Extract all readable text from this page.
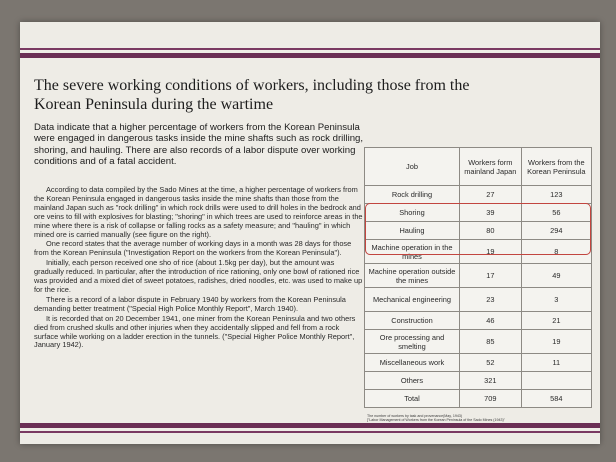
The severe working conditions of workers, including those from the Korean Peninsula during the wartime

Data indicate that a higher percentage of workers from the Korean Peninsula were engaged in dangerous tasks inside the mine shafts such as rock drilling, shoring, and hauling. There are also records of a labor dispute over working conditions and of a fatal accident.

According to data compiled by the Sado Mines at the time, a higher percentage of workers from the Korean Peninsula engaged in dangerous tasks inside the mine shafts than those from the mainland Japan such as "rock drilling" in which rock drills were used to drill holes in the bedrock and ore veins to fill with explosives for blasting; "shoring" in which trees are used to reinforce areas in the mine where there is a risk of collapse or falling rocks as a safety measure; and "hauling" in which mined ore is carried manually (see figure on the right).

One record states that the average number of working days in a month was 28 days for those from the Korean Peninsula ("Investigation Report on the workers from the Korean Peninsula").

Initially, each person received one sho of rice (about 1.5kg per day), but the amount was gradually reduced. In particular, after the introduction of rice rationing, only one bowl of rationed rice was provided and a mixed diet of sweet potatoes, radishes, dried noodles, etc. was used to make up for the rice.

There is a record of a labor dispute in February 1940 by workers from the Korean Peninsula demanding better treatment ("Special High Police Monthly Report", March 1940).

It is recorded that on 20 December 1941, one miner from the Korean Peninsula and two others died from crushed skulls and other injuries when they accidentally slipped and fell from a rock surface while working on a ladder erection in the tunnels. ("Special Higher Police Monthly Report", January 1942).

Job	Workers form mainland Japan	Workers from the Korean Peninsula
Rock drilling	27	123
Shoring	39	56
Hauling	80	294
Machine operation in the mines	19	8
Machine operation outside the mines	17	49
Mechanical engineering	23	3
Construction	46	21
Ore processing and smelting	85	19
Miscellaneous work	52	11
Others	321	
Total	709	584
The number of workers by task and provenance(May, 1943)
["Labor Management of Workers from the Korean Peninsula of the Sado Mines (1943)"
